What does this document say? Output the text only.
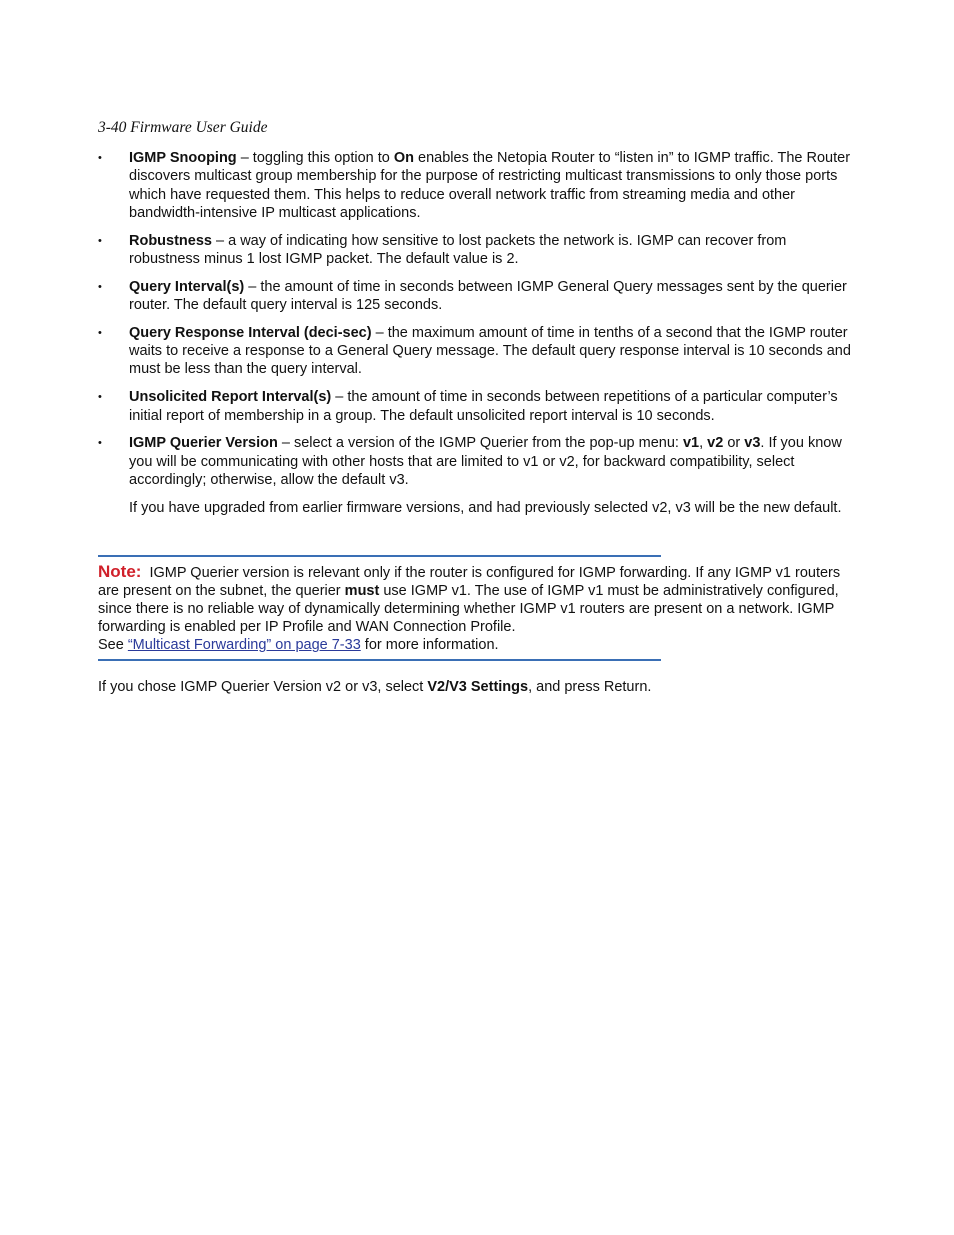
3-40 Firmware User Guide
• IGMP Snooping – toggling this option to On enables the Netopia Router to “listen in” to IGMP traffic. The Router discovers multicast group membership for the purpose of restricting multicast transmissions to only those ports which have requested them. This helps to reduce overall network traffic from streaming media and other bandwidth-intensive IP multicast applications.
• Robustness – a way of indicating how sensitive to lost packets the network is. IGMP can recover from robustness minus 1 lost IGMP packet. The default value is 2.
• Query Interval(s) – the amount of time in seconds between IGMP General Query messages sent by the querier router. The default query interval is 125 seconds.
• Query Response Interval (deci-sec) – the maximum amount of time in tenths of a second that the IGMP router waits to receive a response to a General Query message. The default query response interval is 10 seconds and must be less than the query interval.
• Unsolicited Report Interval(s) – the amount of time in seconds between repetitions of a particular computer’s initial report of membership in a group. The default unsolicited report interval is 10 seconds.
• IGMP Querier Version – select a version of the IGMP Querier from the pop-up menu: v1, v2 or v3. If you know you will be communicating with other hosts that are limited to v1 or v2, for backward compatibility, select accordingly; otherwise, allow the default v3.
If you have upgraded from earlier firmware versions, and had previously selected v2, v3 will be the new default.
Note: IGMP Querier version is relevant only if the router is configured for IGMP forwarding. If any IGMP v1 routers are present on the subnet, the querier must use IGMP v1. The use of IGMP v1 must be administratively configured, since there is no reliable way of dynamically determining whether IGMP v1 routers are present on a network. IGMP forwarding is enabled per IP Profile and WAN Connection Profile.
See “Multicast Forwarding” on page 7-33 for more information.
If you chose IGMP Querier Version v2 or v3, select V2/V3 Settings, and press Return.
